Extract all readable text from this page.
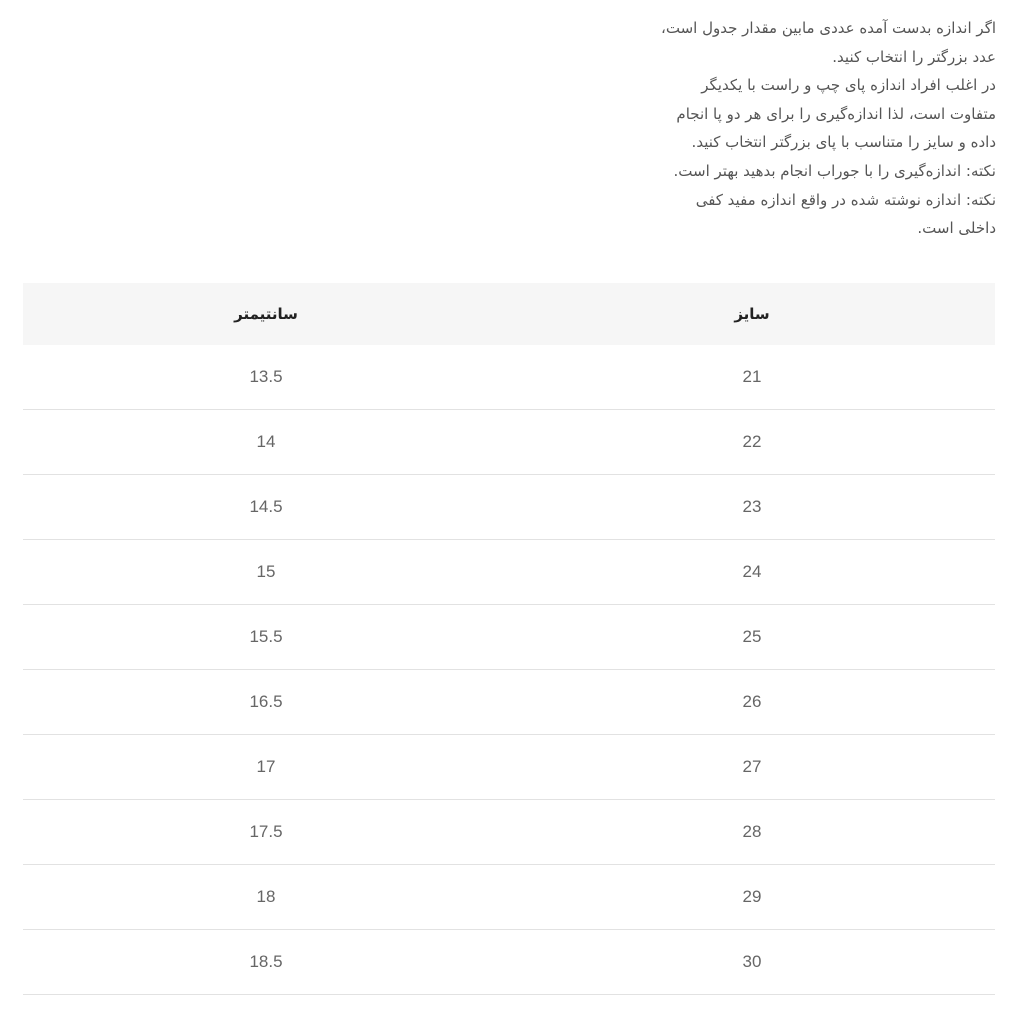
اگر اندازه بدست آمده عددی مابین مقدار جدول است،
عدد بزرگتر را انتخاب کنید.
در اغلب افراد اندازه پای چپ و راست با یکدیگر
متفاوت است، لذا اندازه‌گیری را برای هر دو پا انجام
داده و سایز را متناسب با پای بزرگتر انتخاب کنید.
نکته: اندازه‌گیری را با جوراب انجام بدهید بهتر است.
نکته: اندازه نوشته شده در واقع اندازه مفید کفی
داخلی است.
سانتیمتر	سایز
13.5	21
14	22
14.5	23
15	24
15.5	25
16.5	26
17	27
17.5	28
18	29
18.5	30
